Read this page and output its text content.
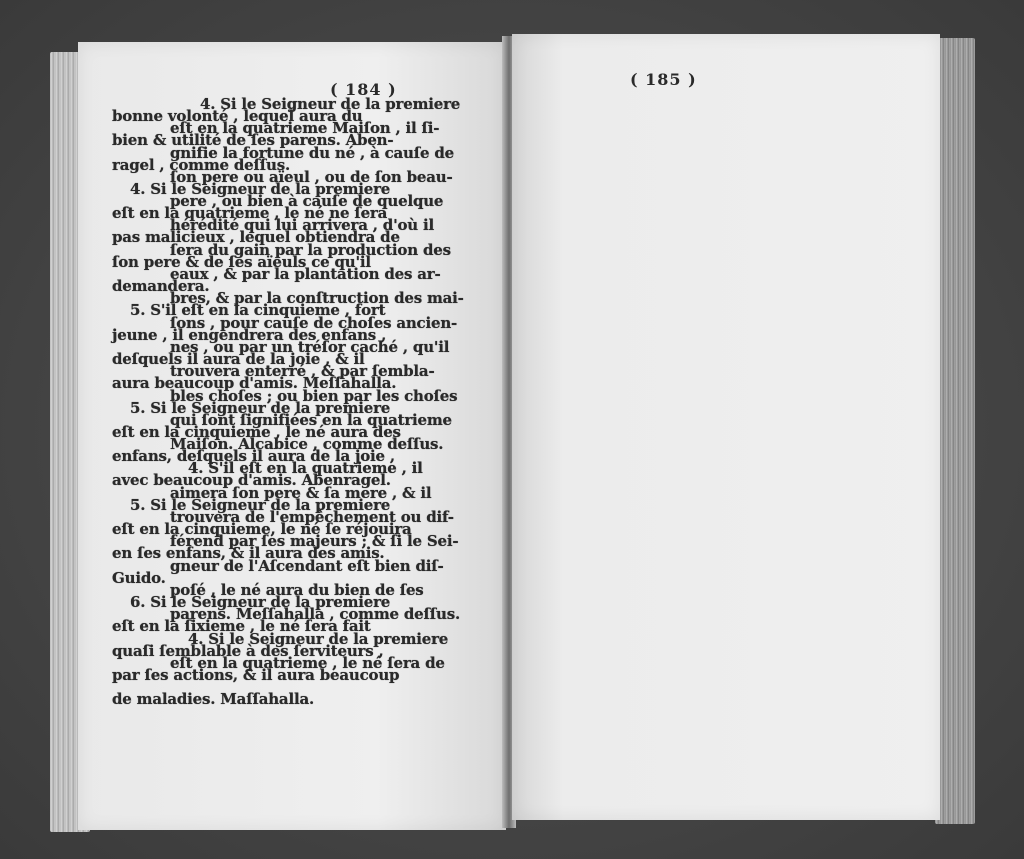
( 184 )
( 185 )
4. Si le Seigneur de la premiere
eſt en la quatrieme Maiſon , il ſi-
gnifie la fortune du né , à cauſe de
ſon pere ou aïeul , ou de ſon beau-
pere , ou bien à cauſe de quelque
hérédité qui lui arrivera , d'où il
ſera du gain par la production des
eaux , & par la plantation des ar-
bres, & par la conſtruction des mai-
ſons , pour cauſe de choſes ancien-
nes , ou par un tréſor caché , qu'il
trouvera enterré , & par ſembla-
bles choſes ; ou bien par les choſes
qui ſont ſignifiées en la quatrieme
Maiſon. Alcabice , comme deſſus.
4. S'il eſt en la quatrieme , il
aimera ſon pere & ſa mere , & il
trouvera de l'empêchement ou dif-
férend par ſes majeurs ; & ſi le Sei-
gneur de l'Aſcendant eſt bien diſ-
poſé , le né aura du bien de ſes
parens. Meſſahalla , comme deſſus.
4. Si le Seigneur de la premiere
eſt en la quatrieme , le né ſera de
bonne volonté , lequel aura du
bien & utilité de ſes parens. Aben-
ragel , comme deſſus.
4. Si le Seigneur de la premiere
eſt en la quatrieme , le né ne ſera
pas malicieux , lequel obtiendra de
ſon pere & de ſes aïeuls ce qu'il
demandera.
5. S'il eſt en la cinquieme , fort
jeune , il engendrera des enfans ,
deſquels il aura de la joie , & il
aura beaucoup d'amis. Meſſahalla.
5. Si le Seigneur de la premiere
eſt en la cinquieme , le né aura des
enfans, deſquels il aura de la joie ,
avec beaucoup d'amis. Abenragel.
5. Si le Seigneur de la premiere
eſt en la cinquieme, le né ſe réjouira
en ſes enfans, & il aura des amis.
Guido.
6. Si le Seigneur de la premiere
eſt en la ſixieme , le né ſera fait
quaſi ſemblable à des ſerviteurs ,
par ſes actions, & il aura beaucoup
de maladies. Maſſahalla.
